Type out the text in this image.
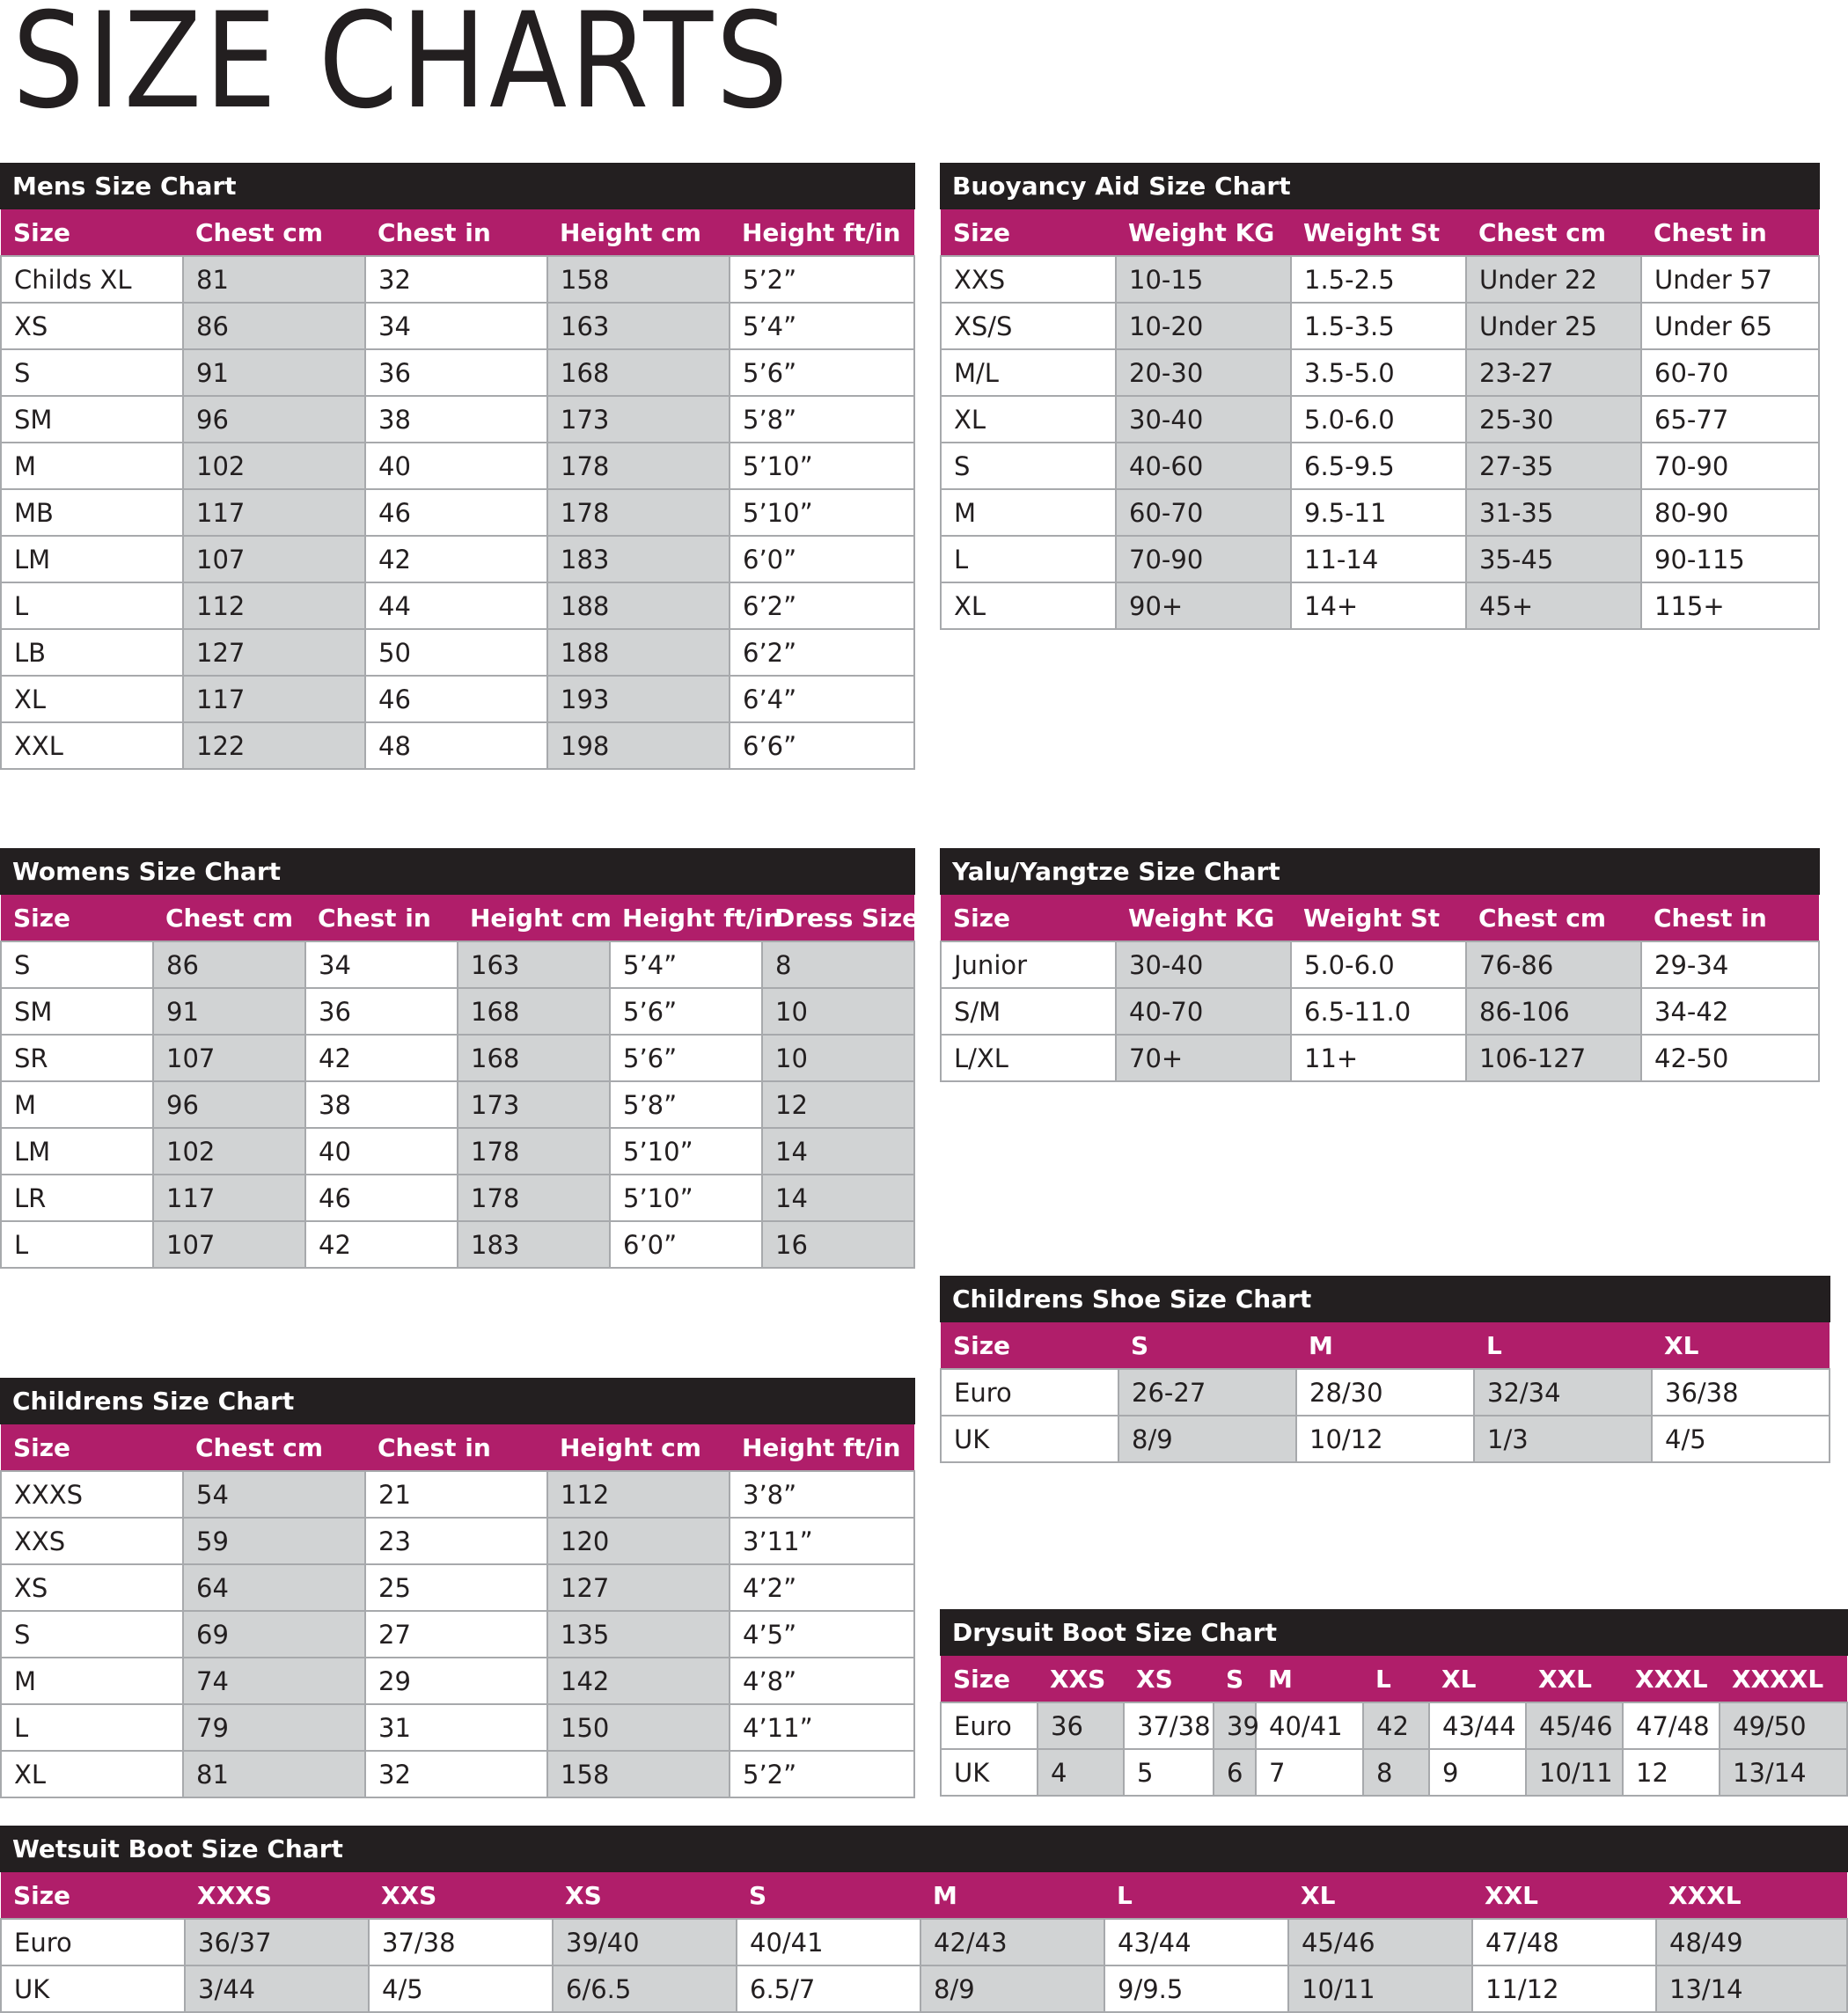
SIZE CHARTS
Mens Size Chart
Size	Chest cm	Chest in	Height cm	Height ft/in
Childs XL	81	32	158	5’2”
XS	86	34	163	5’4”
S	91	36	168	5’6”
SM	96	38	173	5’8”
M	102	40	178	5’10”
MB	117	46	178	5’10”
LM	107	42	183	6’0”
L	112	44	188	6’2”
LB	127	50	188	6’2”
XL	117	46	193	6’4”
XXL	122	48	198	6’6”
Buoyancy Aid Size Chart
Size	Weight KG	Weight St	Chest cm	Chest in
XXS	10-15	1.5-2.5	Under 22	Under 57
XS/S	10-20	1.5-3.5	Under 25	Under 65
M/L	20-30	3.5-5.0	23-27	60-70
XL	30-40	5.0-6.0	25-30	65-77
S	40-60	6.5-9.5	27-35	70-90
M	60-70	9.5-11	31-35	80-90
L	70-90	11-14	35-45	90-115
XL	90+	14+	45+	115+
Womens Size Chart
Size	Chest cm	Chest in	Height cm	Height ft/in	Dress Size
S	86	34	163	5’4”	8
SM	91	36	168	5’6”	10
SR	107	42	168	5’6”	10
M	96	38	173	5’8”	12
LM	102	40	178	5’10”	14
LR	117	46	178	5’10”	14
L	107	42	183	6’0”	16
Yalu/Yangtze Size Chart
Size	Weight KG	Weight St	Chest cm	Chest in
Junior	30-40	5.0-6.0	76-86	29-34
S/M	40-70	6.5-11.0	86-106	34-42
L/XL	70+	11+	106-127	42-50
Childrens Shoe Size Chart
Size	S	M	L	XL
Euro	26-27	28/30	32/34	36/38
UK	8/9	10/12	1/3	4/5
Childrens Size Chart
Size	Chest cm	Chest in	Height cm	Height ft/in
XXXS	54	21	112	3’8”
XXS	59	23	120	3’11”
XS	64	25	127	4’2”
S	69	27	135	4’5”
M	74	29	142	4’8”
L	79	31	150	4’11”
XL	81	32	158	5’2”
Drysuit Boot Size Chart
Size	XXS	XS	S	M	L	XL	XXL	XXXL	XXXXL
Euro	36	37/38	39	40/41	42	43/44	45/46	47/48	49/50
UK	4	5	6	7	8	9	10/11	12	13/14
Wetsuit Boot Size Chart
Size	XXXS	XXS	XS	S	M	L	XL	XXL	XXXL
Euro	36/37	37/38	39/40	40/41	42/43	43/44	45/46	47/48	48/49
UK	3/44	4/5	6/6.5	6.5/7	8/9	9/9.5	10/11	11/12	13/14
